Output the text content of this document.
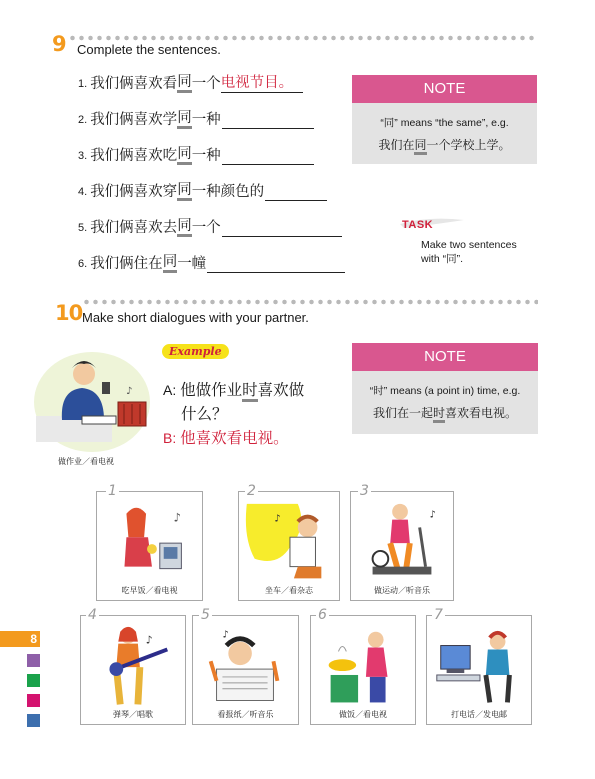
9 Complete the sentences.
1. 我们俩喜欢看 同 一个 电视节目。
2. 我们俩喜欢学 同 一种
3. 我们俩喜欢吃 同 一种
4. 我们俩喜欢穿 同 一种颜色的
5. 我们俩喜欢去 同 一个
6. 我们俩住在 同 一幢
NOTE
“同” means “the same”, e.g.
我们在同一个学校上学。
TASK
Make two sentences
with “同”.
10 Make short dialogues with your partner.
♪
做作业／看电视
Example
A: 他做作业时喜欢做
什么？
B: 他喜欢看电视。
NOTE
“时” means (a point in) time, e.g.
我们在一起时喜欢看电视。
♪
吃早饭／看电视
1
♪
坐车／看杂志
2
♪
做运动／听音乐
3
♪
弹琴／唱歌
4
♪
看报纸／听音乐
5
做饭／看电视
6
打电话／发电邮
7
8
